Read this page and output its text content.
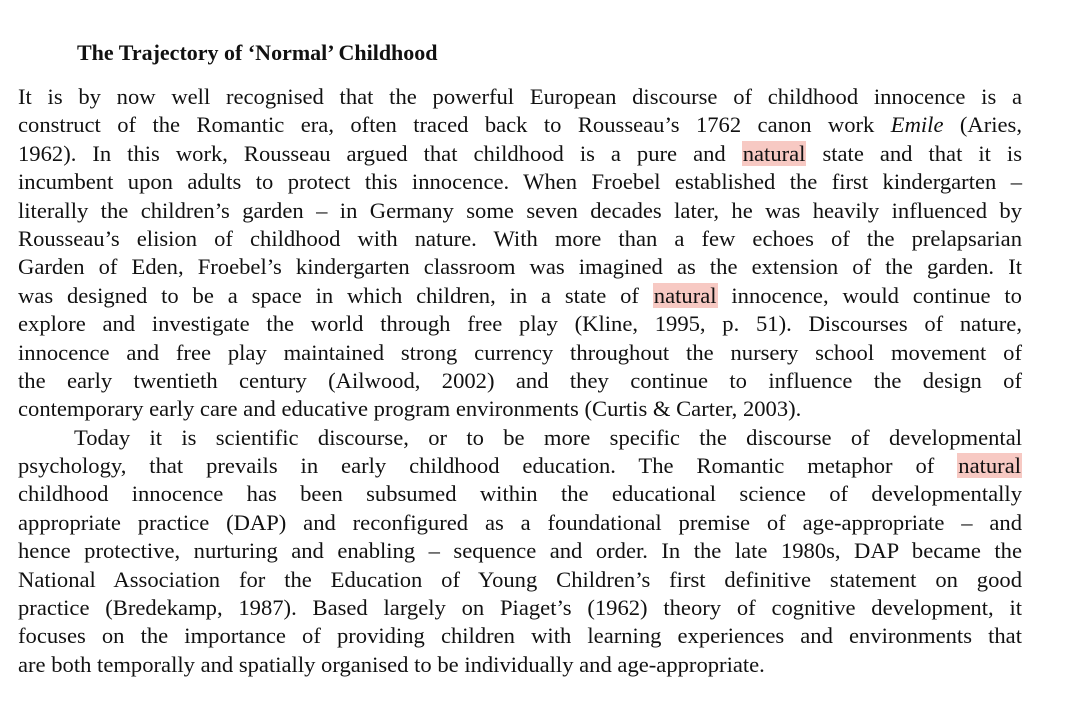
The Trajectory of ‘Normal’ Childhood
It is by now well recognised that the powerful European discourse of childhood innocence is a
construct of the Romantic era, often traced back to Rousseau’s 1762 canon work Emile (Aries,
1962). In this work, Rousseau argued that childhood is a pure and natural state and that it is
incumbent upon adults to protect this innocence. When Froebel established the first kindergarten –
literally the children’s garden – in Germany some seven decades later, he was heavily influenced by
Rousseau’s elision of childhood with nature. With more than a few echoes of the prelapsarian
Garden of Eden, Froebel’s kindergarten classroom was imagined as the extension of the garden. It
was designed to be a space in which children, in a state of natural innocence, would continue to
explore and investigate the world through free play (Kline, 1995, p. 51). Discourses of nature,
innocence and free play maintained strong currency throughout the nursery school movement of
the early twentieth century (Ailwood, 2002) and they continue to influence the design of
contemporary early care and educative program environments (Curtis & Carter, 2003).
Today it is scientific discourse, or to be more specific the discourse of developmental
psychology, that prevails in early childhood education. The Romantic metaphor of natural
childhood innocence has been subsumed within the educational science of developmentally
appropriate practice (DAP) and reconfigured as a foundational premise of age-appropriate – and
hence protective, nurturing and enabling – sequence and order. In the late 1980s, DAP became the
National Association for the Education of Young Children’s first definitive statement on good
practice (Bredekamp, 1987). Based largely on Piaget’s (1962) theory of cognitive development, it
focuses on the importance of providing children with learning experiences and environments that
are both temporally and spatially organised to be individually and age-appropriate.
